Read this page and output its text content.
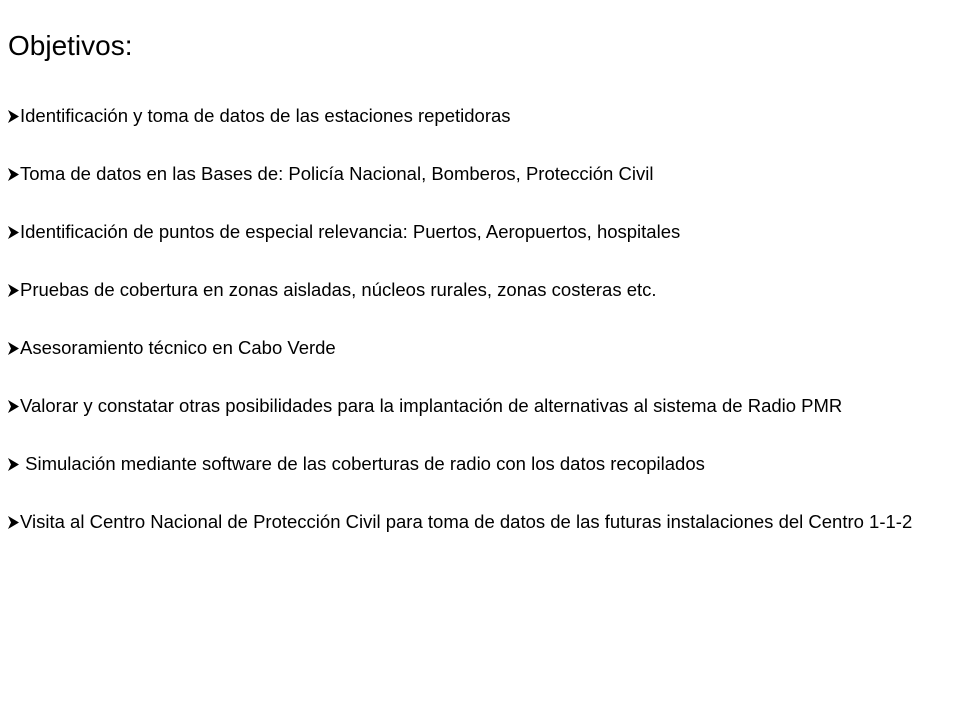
Objetivos:
Identificación y toma de datos de las estaciones repetidoras
Toma de datos en las Bases de: Policía Nacional, Bomberos, Protección Civil
Identificación de puntos de especial relevancia: Puertos, Aeropuertos, hospitales
Pruebas de cobertura en zonas aisladas, núcleos rurales, zonas costeras etc.
Asesoramiento técnico en Cabo Verde
Valorar y constatar otras posibilidades para la implantación de alternativas al sistema de Radio PMR
Simulación mediante software de las coberturas de radio con los datos recopilados
Visita al Centro Nacional de Protección Civil para toma de datos de las futuras instalaciones del Centro 1-1-2
